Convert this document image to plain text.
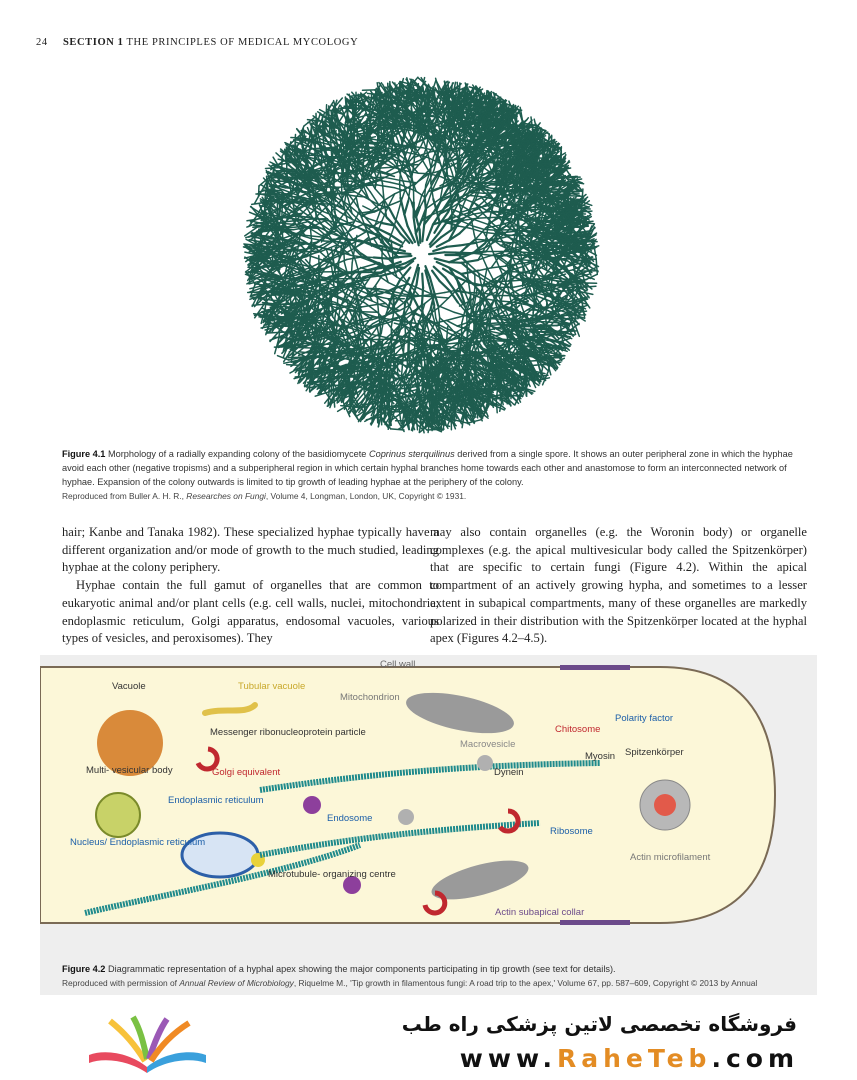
24 SECTION 1 THE PRINCIPLES OF MEDICAL MYCOLOGY
Figure 4.1 Morphology of a radially expanding colony of the basidiomycete Coprinus sterquilinus derived from a single spore. It shows an outer peripheral zone in which the hyphae avoid each other (negative tropisms) and a subperipheral region in which certain hyphal branches home towards each other and anastomose to form an interconnected network of hyphae. Expansion of the colony outwards is limited to tip growth of leading hyphae at the periphery of the colony.
Reproduced from Buller A. H. R., Researches on Fungi, Volume 4, Longman, London, UK, Copyright © 1931.

hair; Kanbe and Tanaka 1982). These specialized hyphae typically have a different organization and/or mode of growth to the much studied, leading hyphae at the colony periphery.

Hyphae contain the full gamut of organelles that are common to eukaryotic animal and/or plant cells (e.g. cell walls, nuclei, mitochondria, endoplasmic reticulum, Golgi apparatus, endosomal vacuoles, various types of vesicles, and peroxisomes). They

may also contain organelles (e.g. the Woronin body) or organelle complexes (e.g. the apical multivesicular body called the Spitzenkörper) that are specific to certain fungi (Figure 4.2). Within the apical compartment of an actively growing hypha, and sometimes to a lesser extent in subapical compartments, many of these organelles are markedly polarized in their distribution with the Spitzenkörper located at the hyphal apex (Figures 4.2–4.5).

Cell wall
Vacuole	Tubular vacuole
Mitochondrion
Messenger ribonucleoprotein particle
Macrovesicle
Chitosome
Polarity factor
Myosin Spitzenkörper
Multi- vesicular body	Golgi equivalent	Dynein
Endoplasmic reticulum
Endosome
Ribosome
Nucleus/ Endoplasmic reticulum
Actin microfilament
Microtubule- organizing centre
Actin subapical collar
Figure 4.2 Diagrammatic representation of a hyphal apex showing the major components participating in tip growth (see text for details).
Reproduced with permission of Annual Review of Microbiology, Riquelme M., 'Tip growth in filamentous fungi: A road trip to the apex,' Volume 67, pp. 587–609, Copyright © 2013 by Annual
فروشگاه تخصصی لاتین پزشکی راه طب
www.RaheTeb.com
